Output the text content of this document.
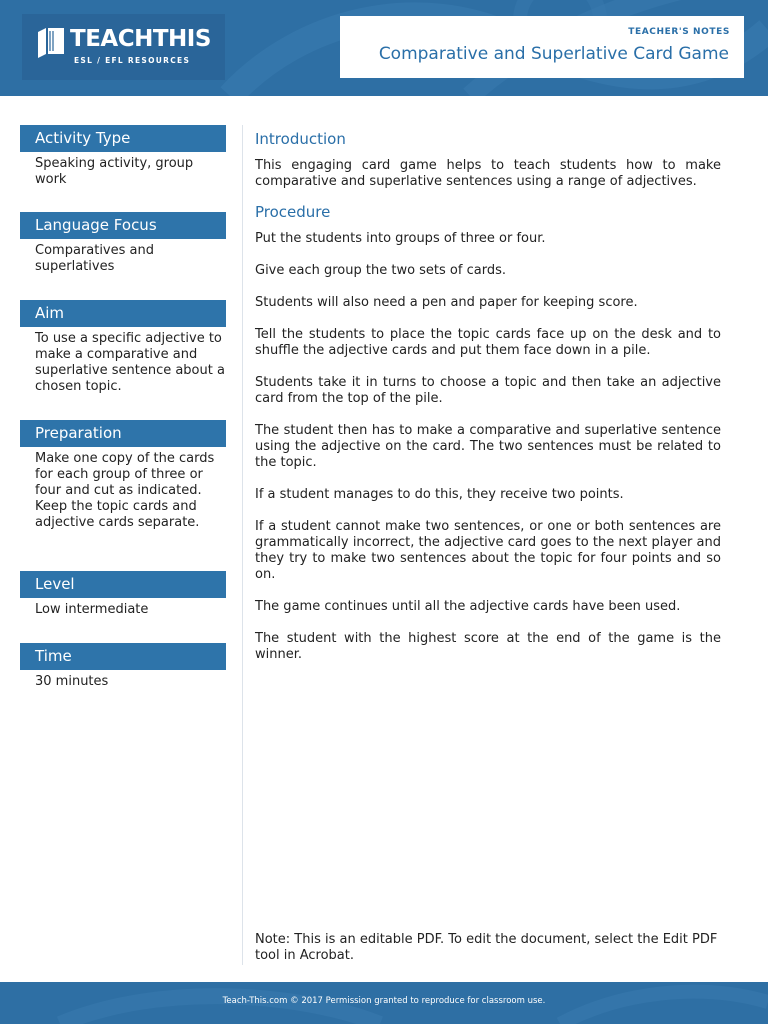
TEACHTHIS
ESL / EFL RESOURCES
TEACHER'S NOTES
Comparative and Superlative Card Game
Activity Type
Speaking activity, group work
Language Focus
Comparatives and superlatives
Aim
To use a specific adjective to make a comparative and superlative sentence about a chosen topic.
Preparation
Make one copy of the cards for each group of three or four and cut as indicated. Keep the topic cards and adjective cards separate.
Level
Low intermediate
Time
30 minutes
Introduction

This engaging card game helps to teach students how to make comparative and superlative sentences using a range of adjectives.

Procedure

Put the students into groups of three or four.

Give each group the two sets of cards.

Students will also need a pen and paper for keeping score.

Tell the students to place the topic cards face up on the desk and to shuffle the adjective cards and put them face down in a pile.

Students take it in turns to choose a topic and then take an adjective card from the top of the pile.

The student then has to make a comparative and superlative sentence using the adjective on the card. The two sentences must be related to the topic.

If a student manages to do this, they receive two points.

If a student cannot make two sentences, or one or both sentences are grammatically incorrect, the adjective card goes to the next player and they try to make two sentences about the topic for four points and so on.

The game continues until all the adjective cards have been used.

The student with the highest score at the end of the game is the winner.

Note: This is an editable PDF. To edit the document, select the Edit PDF tool in Acrobat.
Teach-This.com © 2017 Permission granted to reproduce for classroom use.
